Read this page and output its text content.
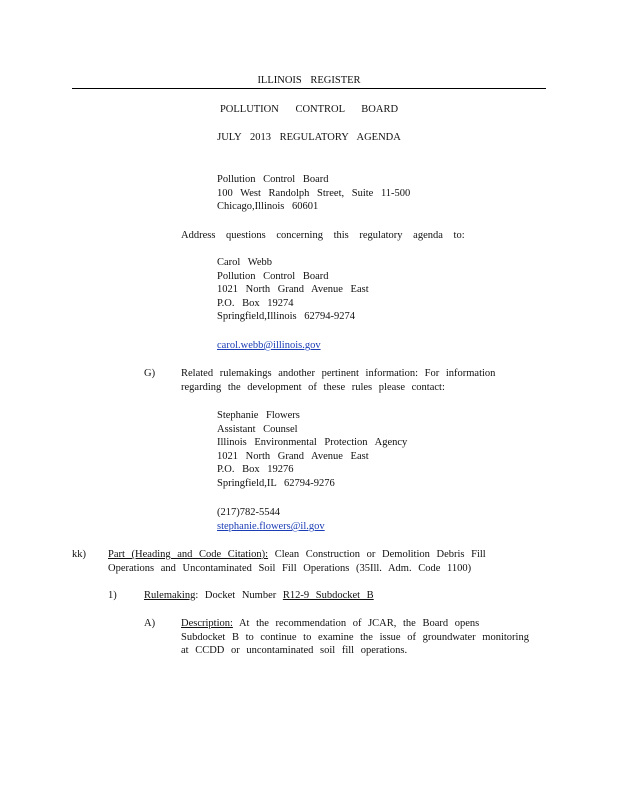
ILLINOIS REGISTER
POLLUTION CONTROL BOARD
JULY 2013 REGULATORY AGENDA
Pollution Control Board
100 West Randolph Street, Suite 11-500
Chicago,Illinois 60601
Address questions concerning this regulatory agenda to:
Carol Webb
Pollution Control Board
1021 North Grand Avenue East
P.O. Box 19274
Springfield,Illinois 62794-9274
carol.webb@illinois.gov
G) Related rulemakings andother pertinent information: For information
regarding the development of these rules please contact:
Stephanie Flowers
Assistant Counsel
Illinois Environmental Protection Agency
1021 North Grand Avenue East
P.O. Box 19276
Springfield,IL 62794-9276
(217)782-5544
stephanie.flowers@il.gov
kk) Part (Heading and Code Citation): Clean Construction or Demolition Debris Fill
Operations and Uncontaminated Soil Fill Operations (35Ill. Adm. Code 1100)
1)	Rulemaking: Docket Number R12-9 Subdocket B
A) Description: At the recommendation of JCAR, the Board opens
Subdocket B to continue to examine the issue of groundwater monitoring
at CCDD or uncontaminated soil fill operations.
